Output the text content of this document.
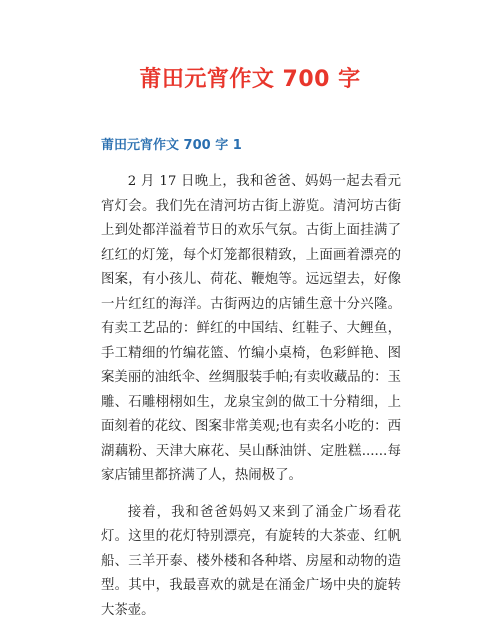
莆田元宵作文 700 字
莆田元宵作文 700 字 1

2 月 17 日晚上，我和爸爸、妈妈一起去看元宵灯会。我们先在清河坊古街上游览。清河坊古街上到处都洋溢着节日的欢乐气氛。古街上面挂满了红红的灯笼，每个灯笼都很精致，上面画着漂亮的图案，有小孩儿、荷花、鞭炮等。远远望去，好像一片红红的海洋。古街两边的店铺生意十分兴隆。有卖工艺品的：鲜红的中国结、红鞋子、大鲤鱼，手工精细的竹编花篮、竹编小桌椅，色彩鲜艳、图案美丽的油纸伞、丝绸服装手帕;有卖收藏品的：玉雕、石雕栩栩如生，龙泉宝剑的做工十分精细，上面刻着的花纹、图案非常美观;也有卖名小吃的：西湖藕粉、天津大麻花、吴山酥油饼、定胜糕......每家店铺里都挤满了人，热闹极了。

接着，我和爸爸妈妈又来到了涌金广场看花灯。这里的花灯特别漂亮，有旋转的大茶壶、红帆船、三羊开泰、楼外楼和各种塔、房屋和动物的造型。其中，我最喜欢的就是在涌金广场中央的旋转大茶壶。
